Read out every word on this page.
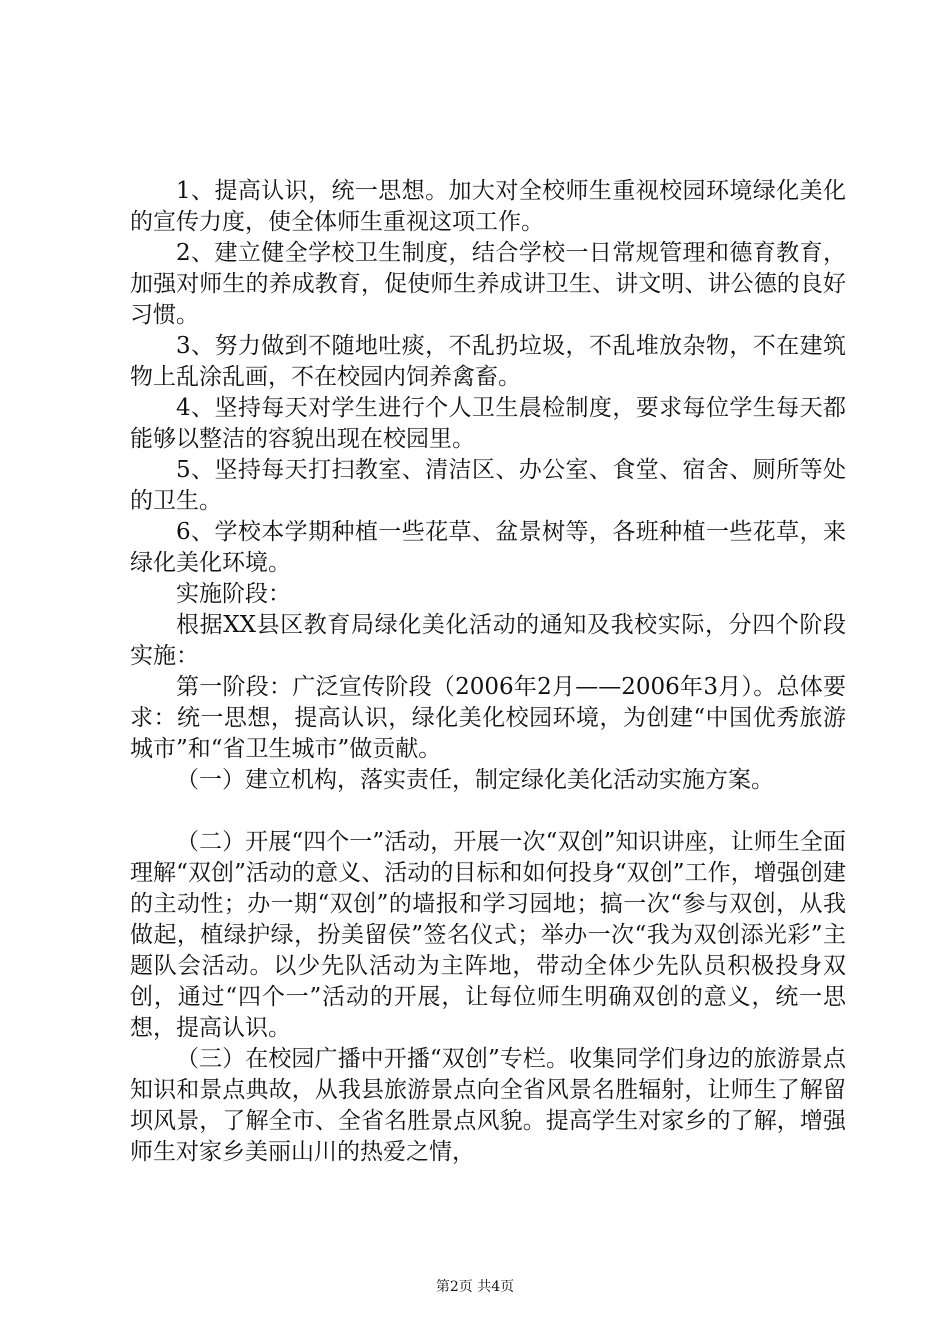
1、提高认识，统一思想。加大对全校师生重视校园环境绿化美化的宣传力度，使全体师生重视这项工作。

2、建立健全学校卫生制度，结合学校一日常规管理和德育教育，加强对师生的养成教育，促使师生养成讲卫生、讲文明、讲公德的良好习惯。

3、努力做到不随地吐痰，不乱扔垃圾，不乱堆放杂物，不在建筑物上乱涂乱画，不在校园内饲养禽畜。

4、坚持每天对学生进行个人卫生晨检制度，要求每位学生每天都能够以整洁的容貌出现在校园里。

5、坚持每天打扫教室、清洁区、办公室、食堂、宿舍、厕所等处的卫生。

6、学校本学期种植一些花草、盆景树等，各班种植一些花草，来绿化美化环境。

实施阶段：

根据XX县区教育局绿化美化活动的通知及我校实际，分四个阶段实施：

第一阶段：广泛宣传阶段（2006年2月——2006年3月）。总体要求：统一思想，提高认识，绿化美化校园环境，为创建“中国优秀旅游城市”和“省卫生城市”做贡献。

（一）建立机构，落实责任，制定绿化美化活动实施方案。

（二）开展“四个一”活动，开展一次“双创”知识讲座，让师生全面理解“双创”活动的意义、活动的目标和如何投身“双创”工作，增强创建的主动性；办一期“双创”的墙报和学习园地；搞一次“参与双创，从我做起，植绿护绿，扮美留侯”签名仪式；举办一次“我为双创添光彩”主题队会活动。以少先队活动为主阵地，带动全体少先队员积极投身双创，通过“四个一”活动的开展，让每位师生明确双创的意义，统一思想，提高认识。

（三）在校园广播中开播“双创”专栏。收集同学们身边的旅游景点知识和景点典故，从我县旅游景点向全省风景名胜辐射，让师生了解留坝风景，了解全市、全省名胜景点风貌。提高学生对家乡的了解，增强师生对家乡美丽山川的热爱之情，

第2页 共4页
